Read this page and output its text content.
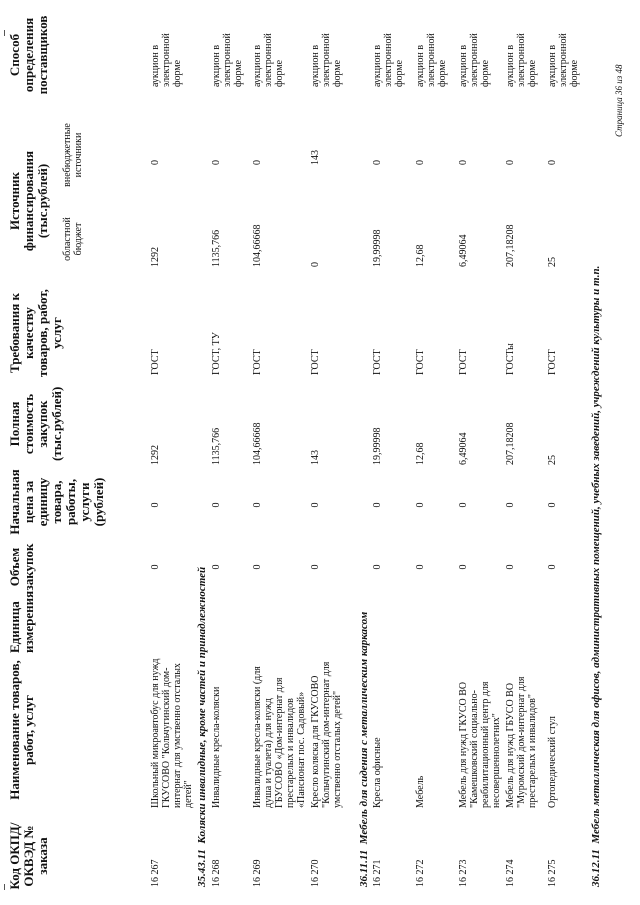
Код ОКПД/ ОКВЭД № заказа
Наименование товаров, работ, услуг
Единица измерения
Объем закупок
Начальная цена за единицу товара, работы, услуги (рублей)
Полная стоимость закупок (тыс.рублей)
Требования к качеству товаров, работ, услуг
Источник финансирования (тыс.рублей)
областной бюджет
внебюджетные источники
Способ определения поставщиков
16 267
Школьный микроавтобус для нужд ГКУСОВО "Кольчугинский дом-интернат для умственно отсталых детей"
0
0
1292
ГОСТ
1292
0
аукцион в электронной форме
35.43.11  Коляски инвалидные, кроме частей и принадлежностей
16 268
Инвалидные кресла-коляски
0
0
1135,766
ГОСТ, ТУ
1135,766
0
аукцион в электронной форме
16 269
Инвалидные кресла-коляски (для душа и туалета) для нужд ГБУСОВО «Дом-интернат для престарелых и инвалидов «Пансионат пос. Садовый»
0
0
104,66668
ГОСТ
104,66668
0
аукцион в электронной форме
16 270
Кресло коляска для ГКУСОВО "Кольчугинский дом-интернат для умственно отсталых детей"
0
0
143
ГОСТ
0
143
аукцион в электронной форме
36.11.11  Мебель для сидения с металлическим каркасом
16 271
Кресла офисные
0
0
19,99998
ГОСТ
19,99998
0
аукцион в электронной форме
16 272
Мебель
0
0
12,68
ГОСТ
12,68
0
аукцион в электронной форме
16 273
Мебель для нужд ГКУСО ВО "Камешковский социально-реабилитационный центр для несовершеннолетних"
0
0
6,49064
ГОСТ
6,49064
0
аукцион в электронной форме
16 274
Мебель для нужд ГБУСО ВО "Муромский дом-интернат для престарелых и инвалидов"
0
0
207,18208
ГОСТы
207,18208
0
аукцион в электронной форме
16 275
Ортопедический стул
0
0
25
ГОСТ
25
0
аукцион в электронной форме
36.12.11  Мебель металлическая для офисов, административных помещений, учебных заведений, учреждений культуры и т.п.
Страница 36 из 48
